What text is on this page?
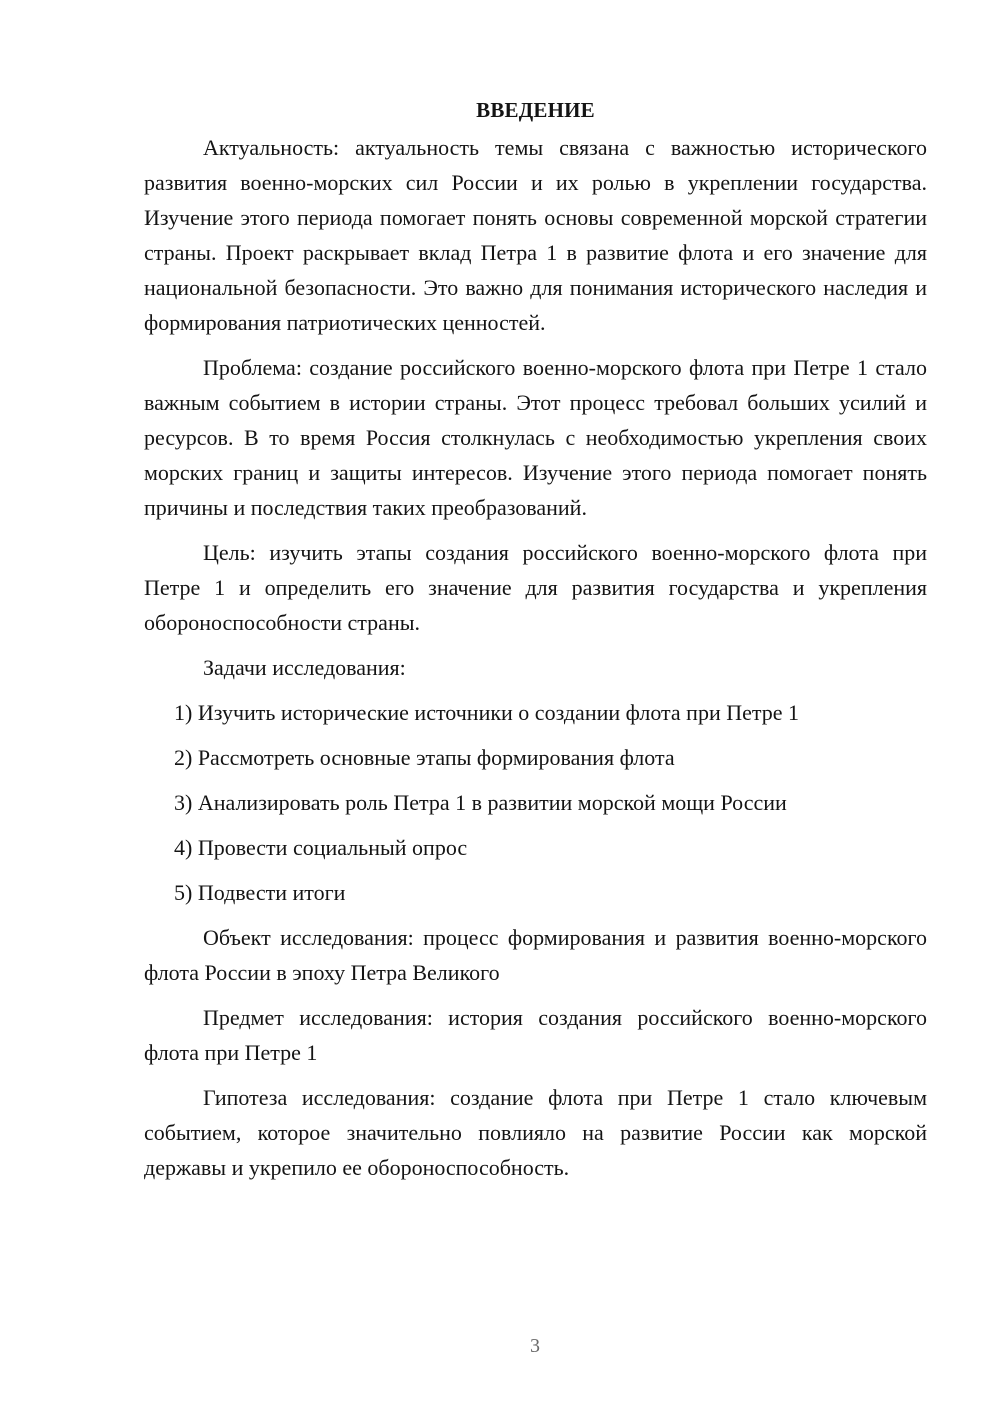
ВВЕДЕНИЕ

Актуальность: актуальность темы связана с важностью исторического развития военно-морских сил России и их ролью в укреплении государства. Изучение этого периода помогает понять основы современной морской стратегии страны. Проект раскрывает вклад Петра 1 в развитие флота и его значение для национальной безопасности. Это важно для понимания исторического наследия и формирования патриотических ценностей.

Проблема: создание российского военно-морского флота при Петре 1 стало важным событием в истории страны. Этот процесс требовал больших усилий и ресурсов. В то время Россия столкнулась с необходимостью укрепления своих морских границ и защиты интересов. Изучение этого периода помогает понять причины и последствия таких преобразований.

Цель: изучить этапы создания российского военно-морского флота при Петре 1 и определить его значение для развития государства и укрепления обороноспособности страны.

Задачи исследования:

1) Изучить исторические источники о создании флота при Петре 1
2) Рассмотреть основные этапы формирования флота
3) Анализировать роль Петра 1 в развитии морской мощи России
4) Провести социальный опрос
5) Подвести итоги

Объект исследования: процесс формирования и развития военно-морского флота России в эпоху Петра Великого

Предмет исследования: история создания российского военно-морского флота при Петре 1

Гипотеза исследования: создание флота при Петре 1 стало ключевым событием, которое значительно повлияло на развитие России как морской державы и укрепило ее обороноспособность.

3
